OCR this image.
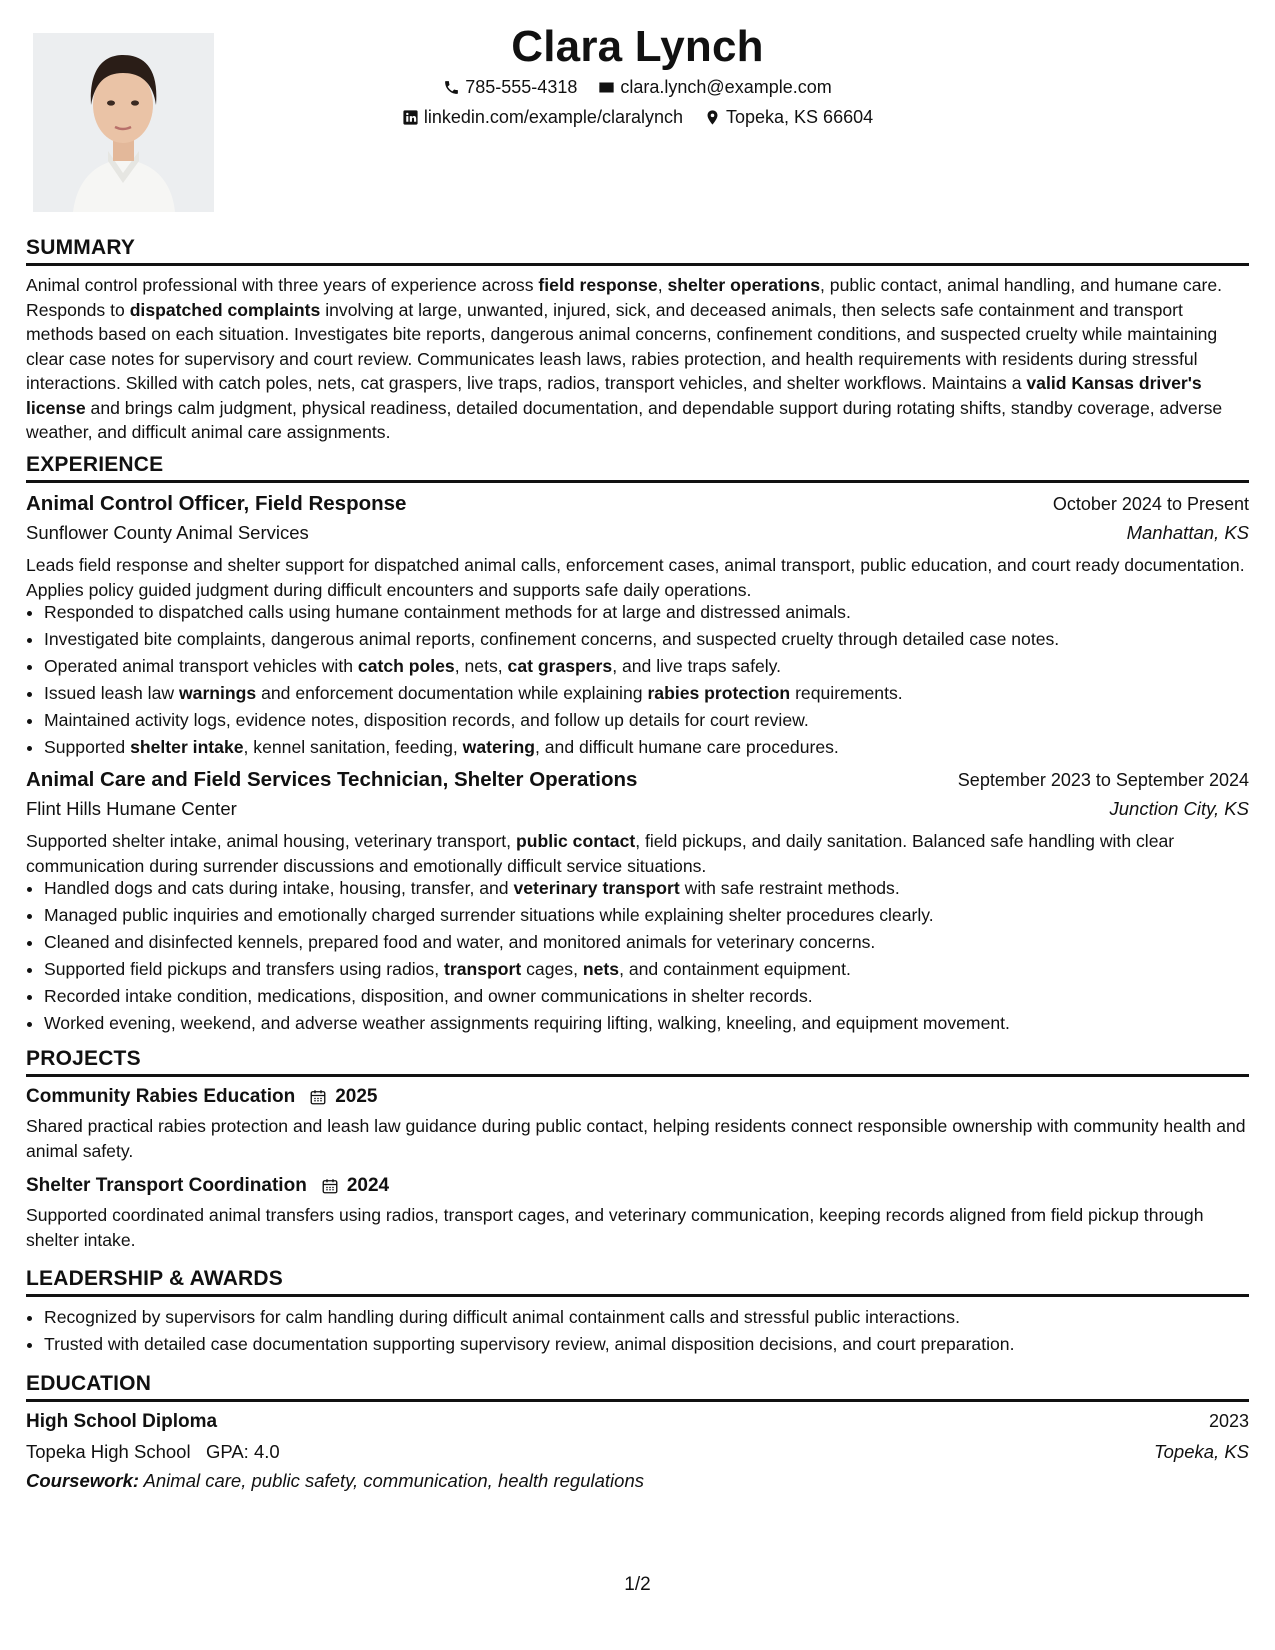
Clara Lynch
785-555-4318
clara.lynch@example.com
linkedin.com/example/claralynch
Topeka, KS 66604
SUMMARY

Animal control professional with three years of experience across field response, shelter operations, public contact, animal handling, and humane care. Responds to dispatched complaints involving at large, unwanted, injured, sick, and deceased animals, then selects safe containment and transport methods based on each situation. Investigates bite reports, dangerous animal concerns, confinement conditions, and suspected cruelty while maintaining clear case notes for supervisory and court review. Communicates leash laws, rabies protection, and health requirements with residents during stressful interactions. Skilled with catch poles, nets, cat graspers, live traps, radios, transport vehicles, and shelter workflows. Maintains a valid Kansas driver's license and brings calm judgment, physical readiness, detailed documentation, and dependable support during rotating shifts, standby coverage, adverse weather, and difficult animal care assignments.

EXPERIENCE
Animal Control Officer, Field Response	October 2024 to Present
Sunflower County Animal Services	Manhattan, KS

Leads field response and shelter support for dispatched animal calls, enforcement cases, animal transport, public education, and court ready documentation. Applies policy guided judgment during difficult encounters and supports safe daily operations.

• Responded to dispatched calls using humane containment methods for at large and distressed animals.
• Investigated bite complaints, dangerous animal reports, confinement concerns, and suspected cruelty through detailed case notes.
• Operated animal transport vehicles with catch poles, nets, cat graspers, and live traps safely.
• Issued leash law warnings and enforcement documentation while explaining rabies protection requirements.
• Maintained activity logs, evidence notes, disposition records, and follow up details for court review.
• Supported shelter intake, kennel sanitation, feeding, watering, and difficult humane care procedures.
Animal Care and Field Services Technician, Shelter Operations	September 2023 to September 2024
Flint Hills Humane Center	Junction City, KS

Supported shelter intake, animal housing, veterinary transport, public contact, field pickups, and daily sanitation. Balanced safe handling with clear communication during surrender discussions and emotionally difficult service situations.

• Handled dogs and cats during intake, housing, transfer, and veterinary transport with safe restraint methods.
• Managed public inquiries and emotionally charged surrender situations while explaining shelter procedures clearly.
• Cleaned and disinfected kennels, prepared food and water, and monitored animals for veterinary concerns.
• Supported field pickups and transfers using radios, transport cages, nets, and containment equipment.
• Recorded intake condition, medications, disposition, and owner communications in shelter records.
• Worked evening, weekend, and adverse weather assignments requiring lifting, walking, kneeling, and equipment movement.
PROJECTS
Community Rabies Education 2025

Shared practical rabies protection and leash law guidance during public contact, helping residents connect responsible ownership with community health and animal safety.

Shelter Transport Coordination 2024

Supported coordinated animal transfers using radios, transport cages, and veterinary communication, keeping records aligned from field pickup through shelter intake.

LEADERSHIP & AWARDS
• Recognized by supervisors for calm handling during difficult animal containment calls and stressful public interactions.
• Trusted with detailed case documentation supporting supervisory review, animal disposition decisions, and court preparation.
EDUCATION
High School Diploma	2023
Topeka High School GPA: 4.0	Topeka, KS
Coursework: Animal care, public safety, communication, health regulations
1/2
